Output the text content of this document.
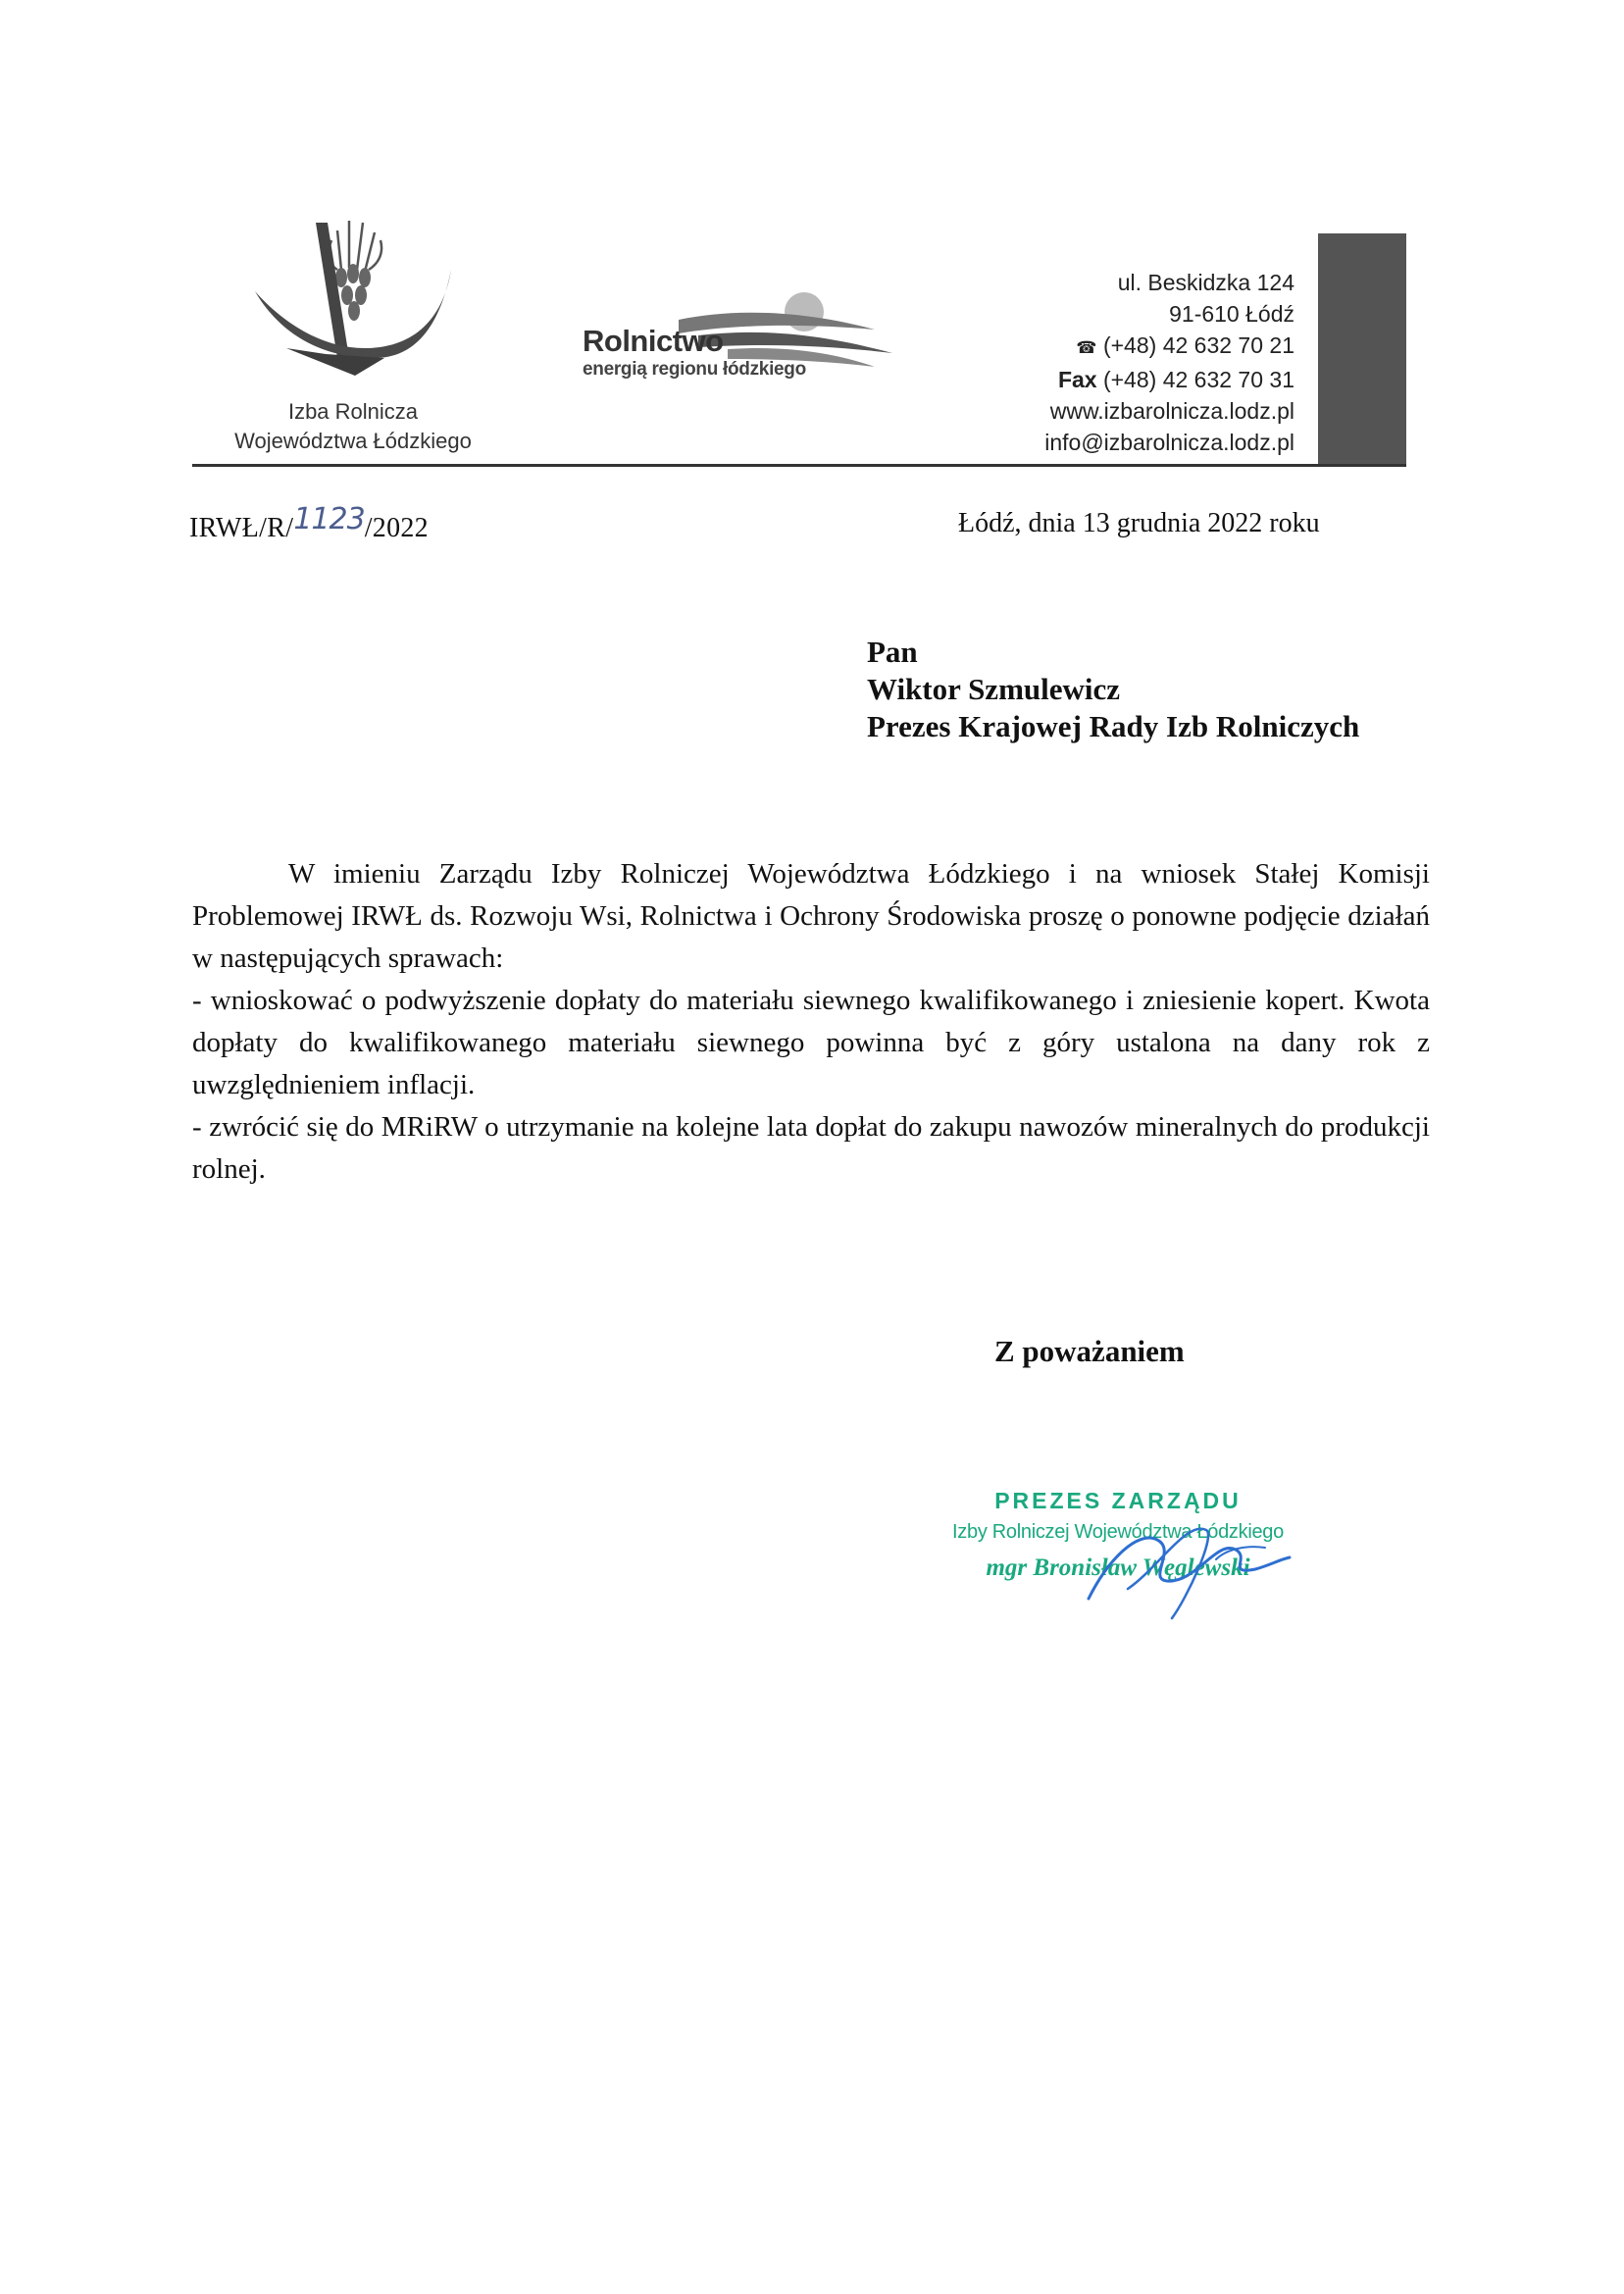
Izba Rolnicza
Województwa Łódzkiego
Rolnictwo
energią regionu łódzkiego
ul. Beskidzka 124
91-610 Łódź
☎ (+48) 42 632 70 21
Fax (+48) 42 632 70 31
www.izbarolnicza.lodz.pl
info@izbarolnicza.lodz.pl
IRWŁ/R/1123/2022	Łódź, dnia 13 grudnia 2022 roku
Pan
Wiktor Szmulewicz
Prezes Krajowej Rady Izb Rolniczych

W imieniu Zarządu Izby Rolniczej Województwa Łódzkiego i na wniosek Stałej Komisji Problemowej IRWŁ ds. Rozwoju Wsi, Rolnictwa i Ochrony Środowiska proszę o ponowne podjęcie działań w następujących sprawach:

- wnioskować o podwyższenie dopłaty do materiału siewnego kwalifikowanego i zniesienie kopert. Kwota dopłaty do kwalifikowanego materiału siewnego powinna być z góry ustalona na dany rok z uwzględnieniem inflacji.

- zwrócić się do MRiRW o utrzymanie na kolejne lata dopłat do zakupu nawozów mineralnych do produkcji rolnej.

Z poważaniem
PREZES ZARZĄDU
Izby Rolniczej Województwa Łódzkiego
mgr Bronisław Węglewski
